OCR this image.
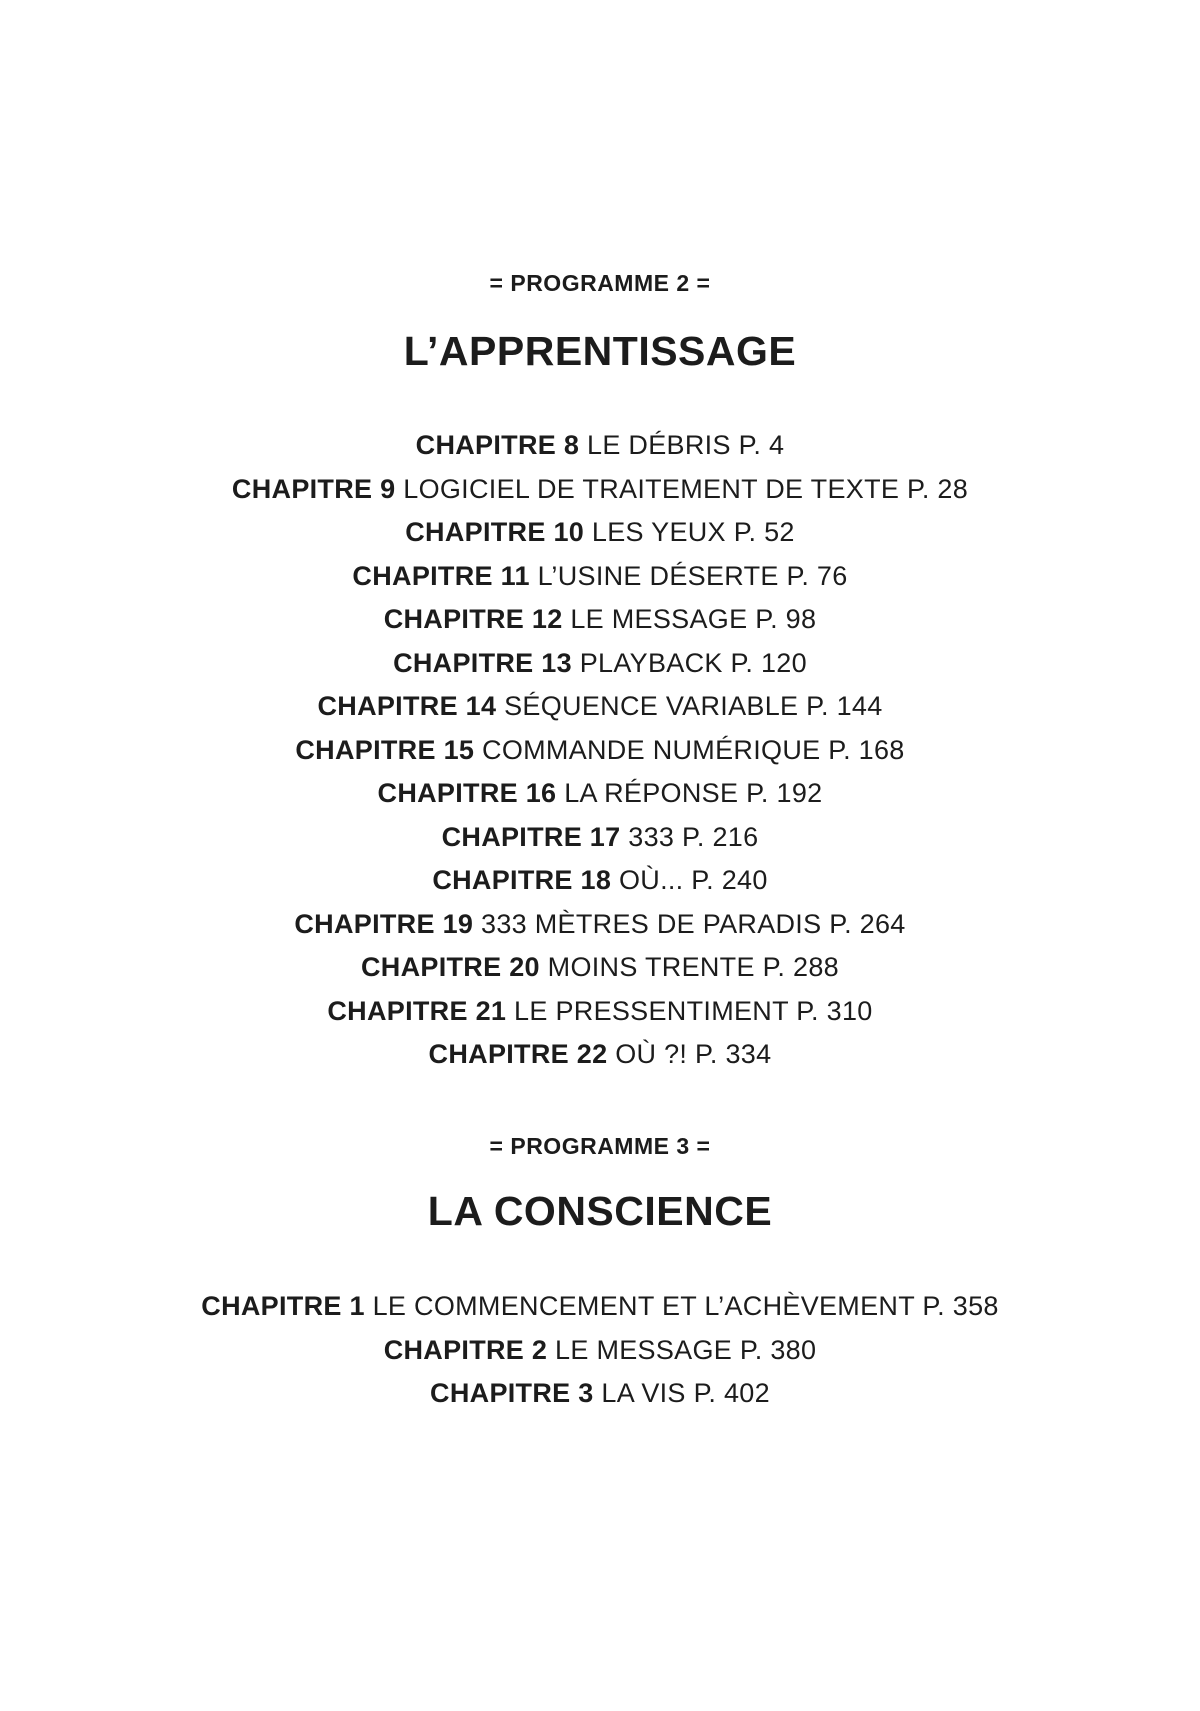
= PROGRAMME 2 =
L’APPRENTISSAGE
CHAPITRE 8 LE DÉBRIS P. 4
CHAPITRE 9 LOGICIEL DE TRAITEMENT DE TEXTE P. 28
CHAPITRE 10 LES YEUX P. 52
CHAPITRE 11 L’USINE DÉSERTE P. 76
CHAPITRE 12 LE MESSAGE P. 98
CHAPITRE 13 PLAYBACK P. 120
CHAPITRE 14 SÉQUENCE VARIABLE P. 144
CHAPITRE 15 COMMANDE NUMÉRIQUE P. 168
CHAPITRE 16 LA RÉPONSE P. 192
CHAPITRE 17 333 P. 216
CHAPITRE 18 OÙ... P. 240
CHAPITRE 19 333 MÈTRES DE PARADIS P. 264
CHAPITRE 20 MOINS TRENTE P. 288
CHAPITRE 21 LE PRESSENTIMENT P. 310
CHAPITRE 22 OÙ ?! P. 334
= PROGRAMME 3 =
LA CONSCIENCE
CHAPITRE 1 LE COMMENCEMENT ET L’ACHÈVEMENT P. 358
CHAPITRE 2 LE MESSAGE P. 380
CHAPITRE 3 LA VIS P. 402
